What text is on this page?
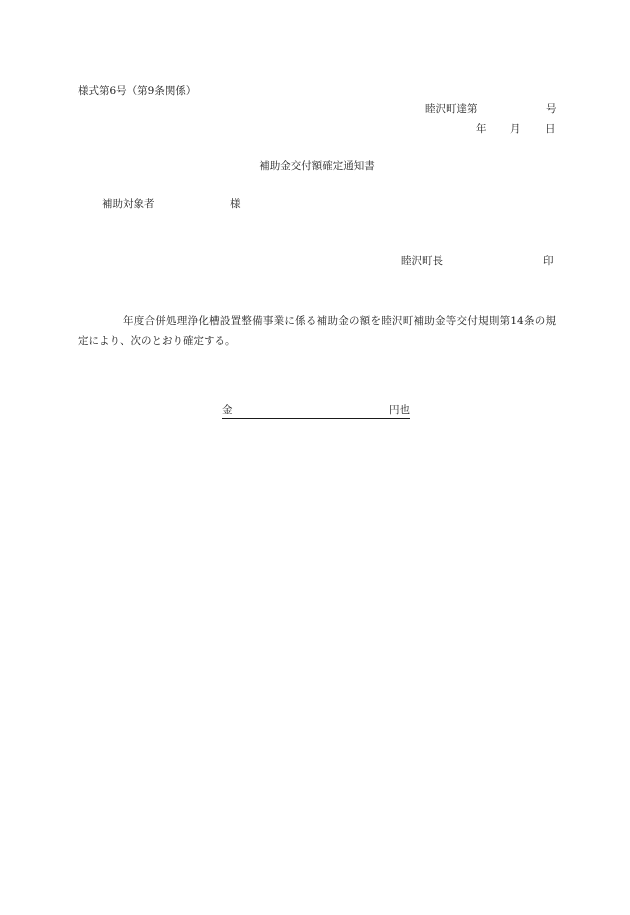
様式第6号（第9条関係）
睦沢町達第	号
年 月 日
補助金交付額確定通知書
補助対象者	様
睦沢町長	印

年度合併処理浄化槽設置整備事業に係る補助金の額を睦沢町補助金等交付規則第14条の規定により、次のとおり確定する。

金	円也
